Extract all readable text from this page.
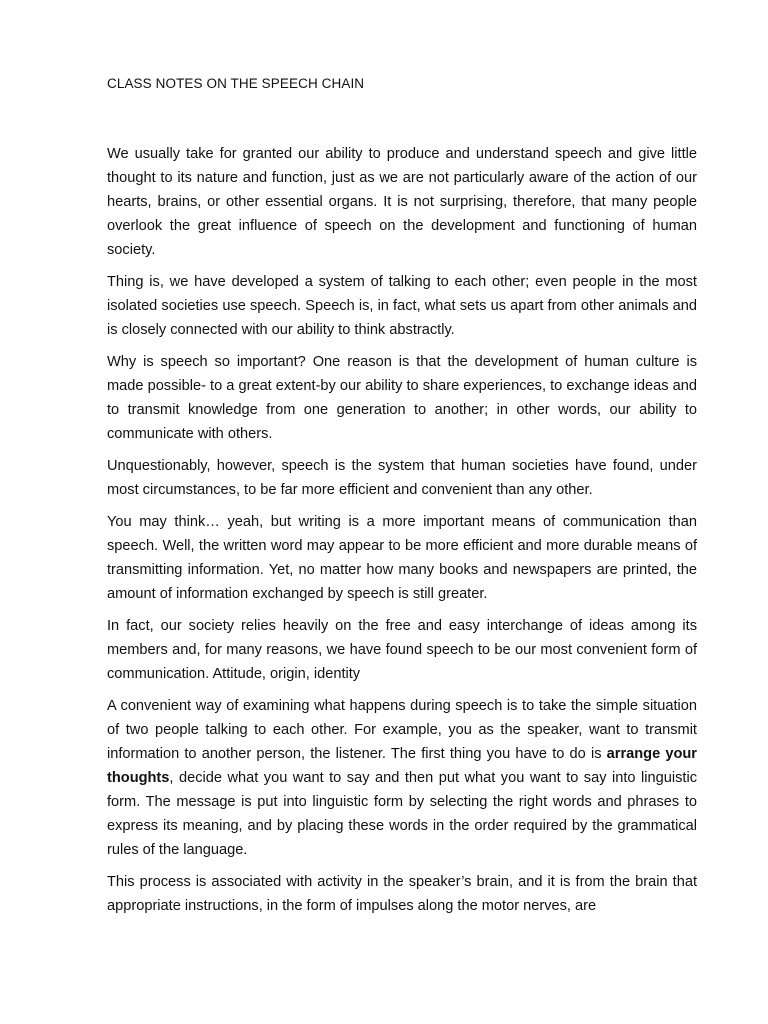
CLASS NOTES ON THE SPEECH CHAIN

We usually take for granted our ability to produce and understand speech and give little thought to its nature and function, just as we are not particularly aware of the action of our hearts, brains, or other essential organs. It is not surprising, therefore, that many people overlook the great influence of speech on the development and functioning of human society.

Thing is, we have developed a system of talking to each other; even people in the most isolated societies use speech. Speech is, in fact, what sets us apart from other animals and is closely connected with our ability to think abstractly.

Why is speech so important? One reason is that the development of human culture is made possible- to a great extent-by our ability to share experiences, to exchange ideas and to transmit knowledge from one generation to another; in other words, our ability to communicate with others.

Unquestionably, however, speech is the system that human societies have found, under most circumstances, to be far more efficient and convenient than any other.

You may think… yeah, but writing is a more important means of communication than speech. Well, the written word may appear to be more efficient and more durable means of transmitting information. Yet, no matter how many books and newspapers are printed, the amount of information exchanged by speech is still greater.

In fact, our society relies heavily on the free and easy interchange of ideas among its members and, for many reasons, we have found speech to be our most convenient form of communication. Attitude, origin, identity

A convenient way of examining what happens during speech is to take the simple situation of two people talking to each other. For example, you as the speaker, want to transmit information to another person, the listener. The first thing you have to do is arrange your thoughts, decide what you want to say and then put what you want to say into linguistic form. The message is put into linguistic form by selecting the right words and phrases to express its meaning, and by placing these words in the order required by the grammatical rules of the language.

This process is associated with activity in the speaker’s brain, and it is from the brain that appropriate instructions, in the form of impulses along the motor nerves, are
